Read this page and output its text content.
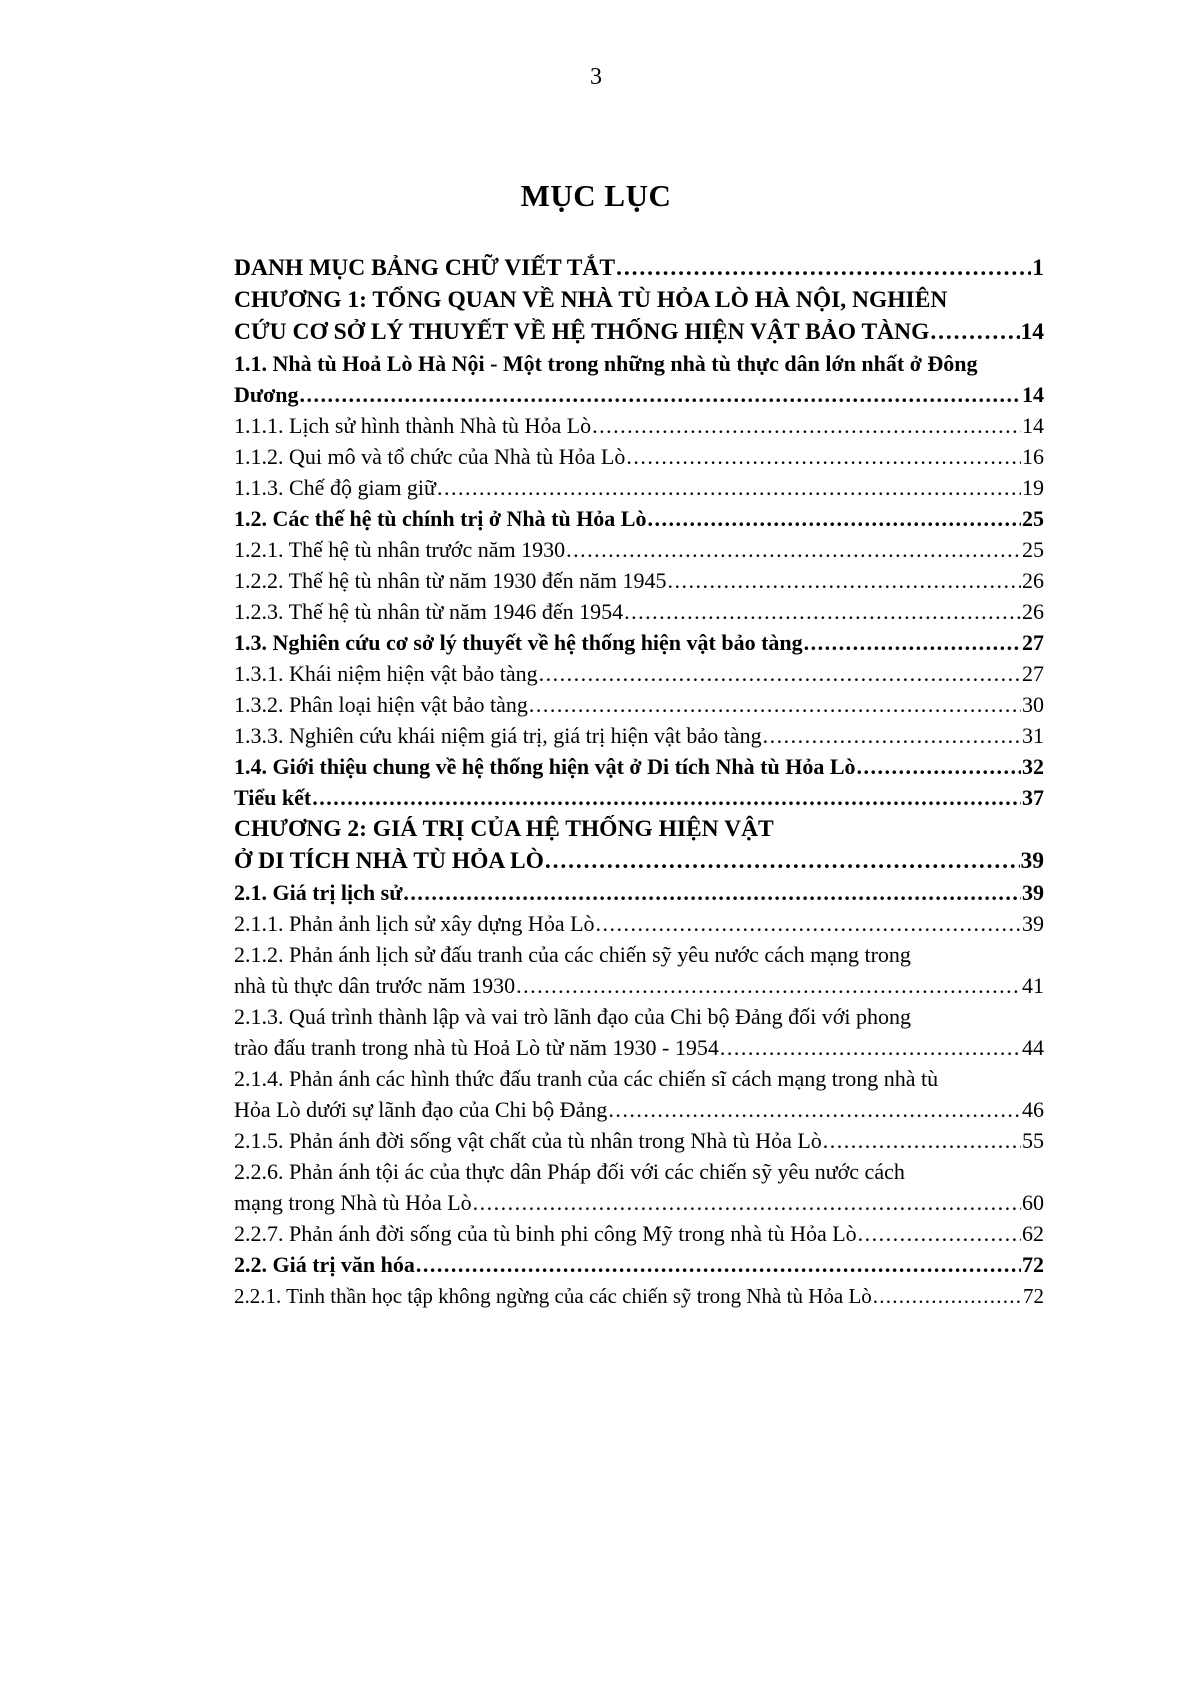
3
MỤC LỤC
DANH MỤC BẢNG CHỮ VIẾT TẮT . . .	1
CHƯƠNG 1: TỔNG QUAN VỀ NHÀ TÙ HỎA LÒ HÀ NỘI, NGHIÊN
CỨU CƠ SỞ LÝ THUYẾT VỀ HỆ THỐNG HIỆN VẬT BẢO TÀNG . . .	14
1.1. Nhà tù Hoả Lò Hà Nội - Một trong những nhà tù thực dân lớn nhất ở Đông
Dương . . .	14
1.1.1. Lịch sử hình thành Nhà tù Hỏa Lò . . .	14
1.1.2. Qui mô và tổ chức của Nhà tù Hỏa Lò . . .	16
1.1.3. Chế độ giam giữ . . .	19
1.2. Các thế hệ tù chính trị ở Nhà tù Hỏa Lò . . .	25
1.2.1. Thế hệ tù nhân trước năm 1930 . . .	25
1.2.2. Thế hệ tù nhân từ năm 1930 đến năm 1945 . . .	26
1.2.3. Thế hệ tù nhân từ năm 1946 đến 1954 . . .	26
1.3. Nghiên cứu cơ sở lý thuyết về hệ thống hiện vật bảo tàng . . .	27
1.3.1. Khái niệm hiện vật bảo tàng . . .	27
1.3.2. Phân loại hiện vật bảo tàng . . .	30
1.3.3. Nghiên cứu khái niệm giá trị, giá trị hiện vật bảo tàng . . .	31
1.4. Giới thiệu chung về hệ thống hiện vật ở Di tích Nhà tù Hỏa Lò . . .	32
Tiểu kết . . .	37
CHƯƠNG 2: GIÁ TRỊ CỦA HỆ THỐNG HIỆN VẬT
Ở DI TÍCH NHÀ TÙ HỎA LÒ . . .	39
2.1. Giá trị lịch sử . . .	39
2.1.1. Phản ảnh lịch sử xây dựng Hỏa Lò . . .	39
2.1.2. Phản ánh lịch sử đấu tranh của các chiến sỹ yêu nước cách mạng trong
nhà tù thực dân trước năm 1930 . . .	41
2.1.3. Quá trình thành lập và vai trò lãnh đạo của Chi bộ Đảng đối với phong
trào đấu tranh trong nhà tù Hoả Lò từ năm 1930 - 1954 . . .	44
2.1.4. Phản ánh các hình thức đấu tranh của các chiến sĩ cách mạng trong nhà tù
Hỏa Lò dưới sự lãnh đạo của Chi bộ Đảng . . .	46
2.1.5. Phản ánh đời sống vật chất của tù nhân trong Nhà tù Hỏa Lò . . .	55
2.2.6. Phản ánh tội ác của thực dân Pháp đối với các chiến sỹ yêu nước cách
mạng trong Nhà tù Hỏa Lò . . .	60
2.2.7. Phản ánh đời sống của tù binh phi công Mỹ trong nhà tù Hỏa Lò . . .	62
2.2. Giá trị văn hóa . . .	72
2.2.1. Tinh thần học tập không ngừng của các chiến sỹ trong Nhà tù Hỏa Lò . . .	72
